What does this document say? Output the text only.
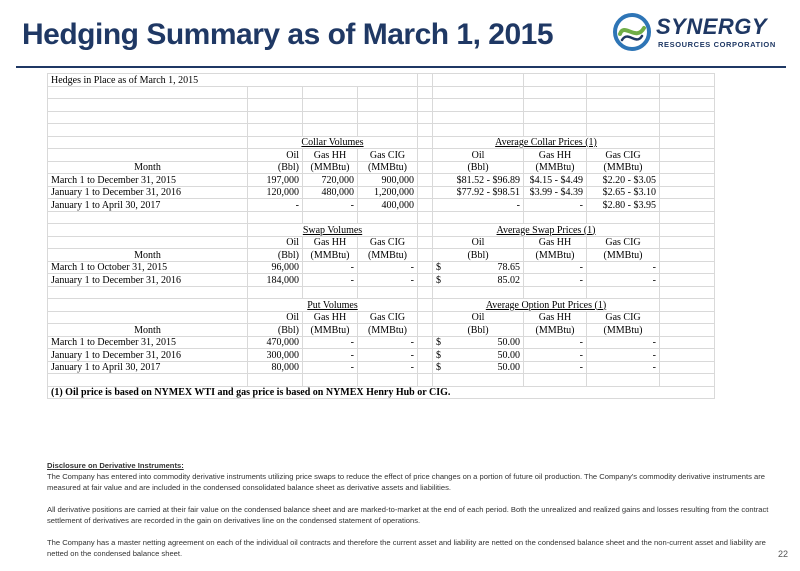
Hedging Summary as of March 1, 2015	SYNERGY
RESOURCES CORPORATION
Hedges in Place as of March 1, 2015								

	Collar Volumes				Average Collar Prices (1)			
	Oil	Gas HH	Gas CIG		Oil	Gas HH	Gas CIG	
Month	(Bbl)	(MMBtu)	(MMBtu)		(Bbl)	(MMBtu)	(MMBtu)	
March 1 to December 31, 2015	197,000	720,000	900,000		$81.52 - $96.89	$4.15 - $4.49	$2.20 - $3.05	
January 1 to December 31, 2016	120,000	480,000	1,200,000		$77.92 - $98.51	$3.99 - $4.39	$2.65 - $3.10	
January 1 to April 30, 2017	-	-	400,000		-	-	$2.80 - $3.95	

	Swap Volumes				Average Swap Prices (1)			
	Oil	Gas HH	Gas CIG		Oil	Gas HH	Gas CIG	
Month	(Bbl)	(MMBtu)	(MMBtu)		(Bbl)	(MMBtu)	(MMBtu)	
March 1 to October 31, 2015	96,000	-	-		$ 78.65	-	-	
January 1 to December 31, 2016	184,000	-	-		$ 85.02	-	-	

	Put Volumes				Average Option Put Prices (1)			
	Oil	Gas HH	Gas CIG		Oil	Gas HH	Gas CIG	
Month	(Bbl)	(MMBtu)	(MMBtu)		(Bbl)	(MMBtu)	(MMBtu)	
March 1 to December 31, 2015	470,000	-	-		$ 50.00	-	-	
January 1 to December 31, 2016	300,000	-	-		$ 50.00	-	-	
January 1 to April 30, 2017	80,000	-	-		$ 50.00	-	-	

(1) Oil price is based on NYMEX WTI and gas price is based on NYMEX Henry Hub or CIG.								
Disclosure on Derivative Instruments:

The Company has entered into commodity derivative instruments utilizing price swaps to reduce the effect of price changes on a portion of future oil production. The Company’s commodity derivative instruments are measured at fair value and are included in the condensed consolidated balance sheet as derivative assets and liabilities.

All derivative positions are carried at their fair value on the condensed balance sheet and are marked-to-market at the end of each period. Both the unrealized and realized gains and losses resulting from the contract settlement of derivatives are recorded in the gain on derivatives line on the condensed statement of operations.

The Company has a master netting agreement on each of the individual oil contracts and therefore the current asset and liability are netted on the condensed balance sheet and the non-current asset and liability are netted on the condensed balance sheet.	22
